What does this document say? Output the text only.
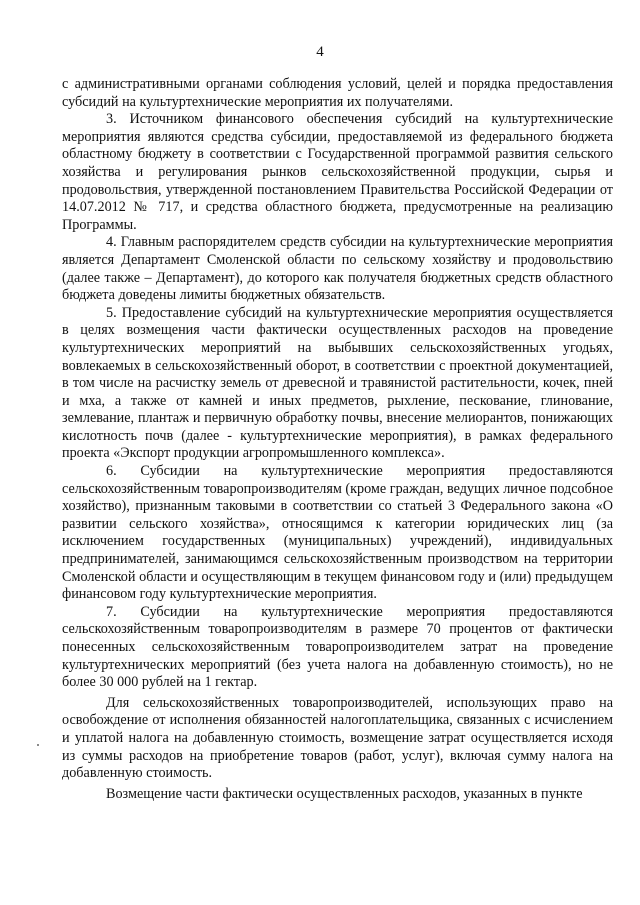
4

с административными органами соблюдения условий, целей и порядка предоставления субсидий на культуртехнические мероприятия их получателями.

3. Источником финансового обеспечения субсидий на культуртехнические мероприятия являются средства субсидии, предоставляемой из федерального бюджета областному бюджету в соответствии с Государственной программой развития сельского хозяйства и регулирования рынков сельскохозяйственной продукции, сырья и продовольствия, утвержденной постановлением Правительства Российской Федерации от 14.07.2012 № 717, и средства областного бюджета, предусмотренные на реализацию Программы.

4. Главным распорядителем средств субсидии на культуртехнические мероприятия является Департамент Смоленской области по сельскому хозяйству и продовольствию (далее также – Департамент), до которого как получателя бюджетных средств областного бюджета доведены лимиты бюджетных обязательств.

5. Предоставление субсидий на культуртехнические мероприятия осуществляется в целях возмещения части фактически осуществленных расходов на проведение культуртехнических мероприятий на выбывших сельскохозяйственных угодьях, вовлекаемых в сельскохозяйственный оборот, в соответствии с проектной документацией, в том числе на расчистку земель от древесной и травянистой растительности, кочек, пней и мха, а также от камней и иных предметов, рыхление, пескование, глинование, землевание, плантаж и первичную обработку почвы, внесение мелиорантов, понижающих кислотность почв (далее - культуртехнические мероприятия), в рамках федерального проекта «Экспорт продукции агропромышленного комплекса».

6. Субсидии на культуртехнические мероприятия предоставляются сельскохозяйственным товаропроизводителям (кроме граждан, ведущих личное подсобное хозяйство), признанным таковыми в соответствии со статьей 3 Федерального закона «О развитии сельского хозяйства», относящимся к категории юридических лиц (за исключением государственных (муниципальных) учреждений), индивидуальных предпринимателей, занимающимся сельскохозяйственным производством на территории Смоленской области и осуществляющим в текущем финансовом году и (или) предыдущем финансовом году культуртехнические мероприятия.

7. Субсидии на культуртехнические мероприятия предоставляются сельскохозяйственным товаропроизводителям в размере 70 процентов от фактически понесенных сельскохозяйственным товаропроизводителем затрат на проведение культуртехнических мероприятий (без учета налога на добавленную стоимость), но не более 30 000 рублей на 1 гектар.

Для сельскохозяйственных товаропроизводителей, использующих право на освобождение от исполнения обязанностей налогоплательщика, связанных с исчислением и уплатой налога на добавленную стоимость, возмещение затрат осуществляется исходя из суммы расходов на приобретение товаров (работ, услуг), включая сумму налога на добавленную стоимость.

Возмещение части фактически осуществленных расходов, указанных в пункте
